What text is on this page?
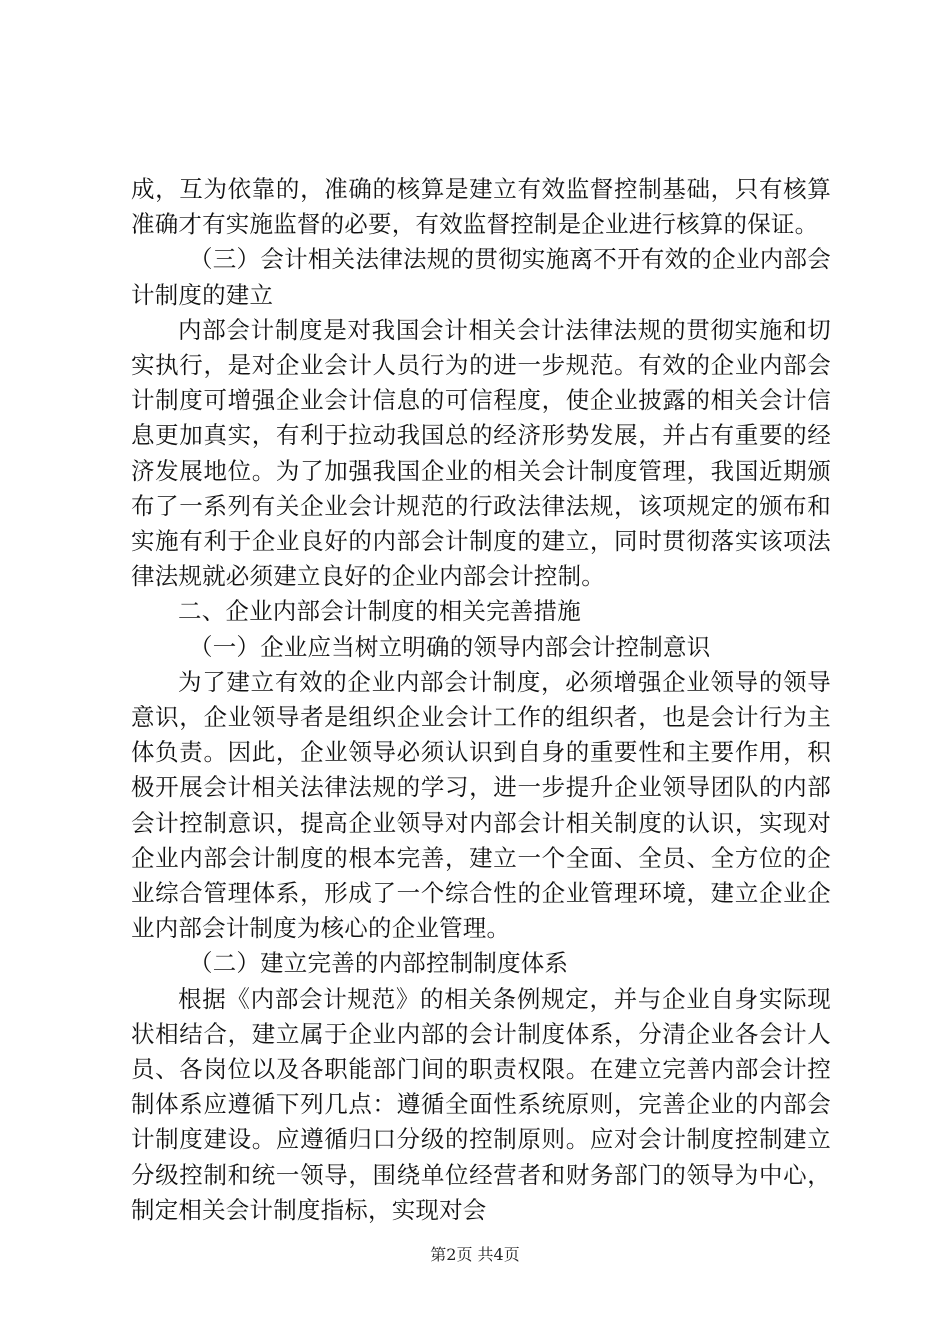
成，互为依靠的，准确的核算是建立有效监督控制基础，只有核算准确才有实施监督的必要，有效监督控制是企业进行核算的保证。

（三）会计相关法律法规的贯彻实施离不开有效的企业内部会计制度的建立

内部会计制度是对我国会计相关会计法律法规的贯彻实施和切实执行，是对企业会计人员行为的进一步规范。有效的企业内部会计制度可增强企业会计信息的可信程度，使企业披露的相关会计信息更加真实，有利于拉动我国总的经济形势发展，并占有重要的经济发展地位。为了加强我国企业的相关会计制度管理，我国近期颁布了一系列有关企业会计规范的行政法律法规，该项规定的颁布和实施有利于企业良好的内部会计制度的建立，同时贯彻落实该项法律法规就必须建立良好的企业内部会计控制。

二、企业内部会计制度的相关完善措施

（一）企业应当树立明确的领导内部会计控制意识

为了建立有效的企业内部会计制度，必须增强企业领导的领导意识，企业领导者是组织企业会计工作的组织者，也是会计行为主体负责。因此，企业领导必须认识到自身的重要性和主要作用，积极开展会计相关法律法规的学习，进一步提升企业领导团队的内部会计控制意识，提高企业领导对内部会计相关制度的认识，实现对企业内部会计制度的根本完善，建立一个全面、全员、全方位的企业综合管理体系，形成了一个综合性的企业管理环境，建立企业企业内部会计制度为核心的企业管理。

（二）建立完善的内部控制制度体系

根据《内部会计规范》的相关条例规定，并与企业自身实际现状相结合，建立属于企业内部的会计制度体系，分清企业各会计人员、各岗位以及各职能部门间的职责权限。在建立完善内部会计控制体系应遵循下列几点：遵循全面性系统原则，完善企业的内部会计制度建设。应遵循归口分级的控制原则。应对会计制度控制建立分级控制和统一领导，围绕单位经营者和财务部门的领导为中心，制定相关会计制度指标，实现对会

第2页 共4页
